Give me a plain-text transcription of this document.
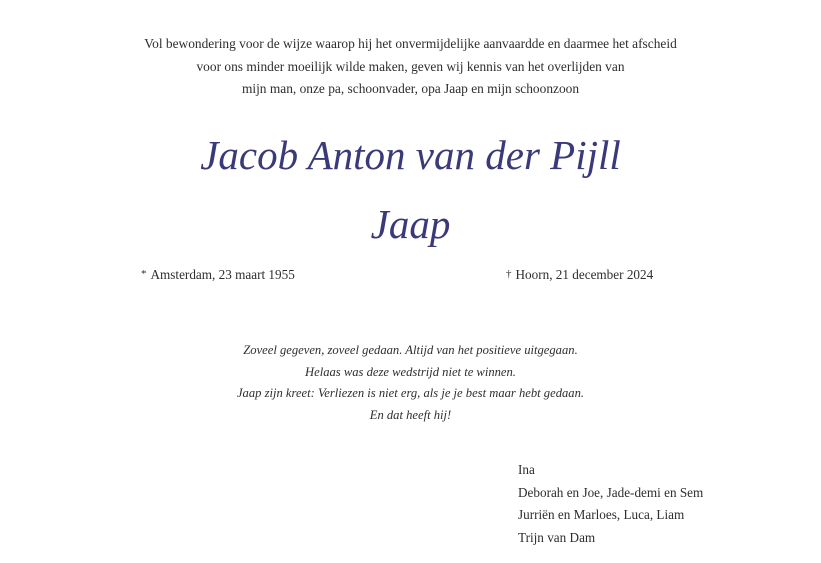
Vol bewondering voor de wijze waarop hij het onvermijdelijke aanvaardde en daarmee het afscheid
voor ons minder moeilijk wilde maken, geven wij kennis van het overlijden van
mijn man, onze pa, schoonvader, opa Jaap en mijn schoonzoon
Jacob Anton van der Pijll
Jaap
* Amsterdam, 23 maart 1955	† Hoorn, 21 december 2024
Zoveel gegeven, zoveel gedaan. Altijd van het positieve uitgegaan.
Helaas was deze wedstrijd niet te winnen.
Jaap zijn kreet: Verliezen is niet erg, als je je best maar hebt gedaan.
En dat heeft hij!
Ina
Deborah en Joe, Jade-demi en Sem
Jurriën en Marloes, Luca, Liam
Trijn van Dam
